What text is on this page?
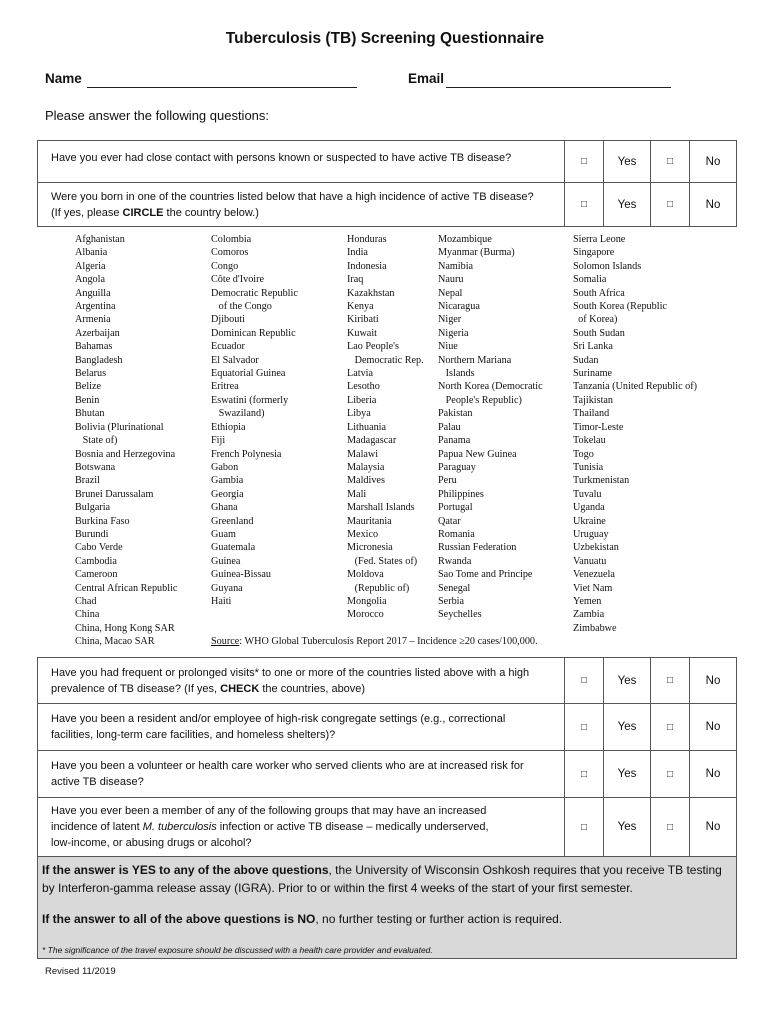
Tuberculosis (TB) Screening Questionnaire
Name	Email
Please answer the following questions:
Have you ever had close contact with persons known or suspected to have active TB disease?	□	Yes	□	No

Were you born in one of the countries listed below that have a high incidence of active TB disease?
(If yes, please CIRCLE the country below.)	□	Yes	□	No
Afghanistan
Albania
Algeria
Angola
Anguilla
Argentina
Armenia
Azerbaijan
Bahamas
Bangladesh
Belarus
Belize
Benin
Bhutan
Bolivia (Plurinational
State of)
Bosnia and Herzegovina
Botswana
Brazil
Brunei Darussalam
Bulgaria
Burkina Faso
Burundi
Cabo Verde
Cambodia
Cameroon
Central African Republic
Chad
China
China, Hong Kong SAR
China, Macao SAR
Colombia
Comoros
Congo
Côte d'Ivoire
Democratic Republic
of the Congo
Djibouti
Dominican Republic
Ecuador
El Salvador
Equatorial Guinea
Eritrea
Eswatini (formerly
Swaziland)
Ethiopia
Fiji
French Polynesia
Gabon
Gambia
Georgia
Ghana
Greenland
Guam
Guatemala
Guinea
Guinea-Bissau
Guyana
Haiti
Honduras
India
Indonesia
Iraq
Kazakhstan
Kenya
Kiribati
Kuwait
Lao People's
Democratic Rep.
Latvia
Lesotho
Liberia
Libya
Lithuania
Madagascar
Malawi
Malaysia
Maldives
Mali
Marshall Islands
Mauritania
Mexico
Micronesia
(Fed. States of)
Moldova
(Republic of)
Mongolia
Morocco
Mozambique
Myanmar (Burma)
Namibia
Nauru
Nepal
Nicaragua
Niger
Nigeria
Niue
Northern Mariana
Islands
North Korea (Democratic
People's Republic)
Pakistan
Palau
Panama
Papua New Guinea
Paraguay
Peru
Philippines
Portugal
Qatar
Romania
Russian Federation
Rwanda
Sao Tome and Principe
Senegal
Serbia
Seychelles
Sierra Leone
Singapore
Solomon Islands
Somalia
South Africa
South Korea (Republic
of Korea)
South Sudan
Sri Lanka
Sudan
Suriname
Tanzania (United Republic of)
Tajikistan
Thailand
Timor-Leste
Tokelau
Togo
Tunisia
Turkmenistan
Tuvalu
Uganda
Ukraine
Uruguay
Uzbekistan
Vanuatu
Venezuela
Viet Nam
Yemen
Zambia
Zimbabwe
Source: WHO Global Tuberculosis Report 2017 – Incidence ≥20 cases/100,000.
Have you had frequent or prolonged visits* to one or more of the countries listed above with a high
prevalence of TB disease? (If yes, CHECK the countries, above)	□	Yes	□	No

Have you been a resident and/or employee of high-risk congregate settings (e.g., correctional
facilities, long-term care facilities, and homeless shelters)?	□	Yes	□	No

Have you been a volunteer or health care worker who served clients who are at increased risk for
active TB disease?	□	Yes	□	No

Have you ever been a member of any of the following groups that may have an increased
incidence of latent M. tuberculosis infection or active TB disease – medically underserved,
low-income, or abusing drugs or alcohol?	□	Yes	□	No
If the answer is YES to any of the above questions, the University of Wisconsin Oshkosh requires that you receive TB testing by Interferon-gamma release assay (IGRA). Prior to or within the first 4 weeks of the start of your first semester.
If the answer to all of the above questions is NO, no further testing or further action is required.
* The significance of the travel exposure should be discussed with a health care provider and evaluated.
Revised 11/2019
